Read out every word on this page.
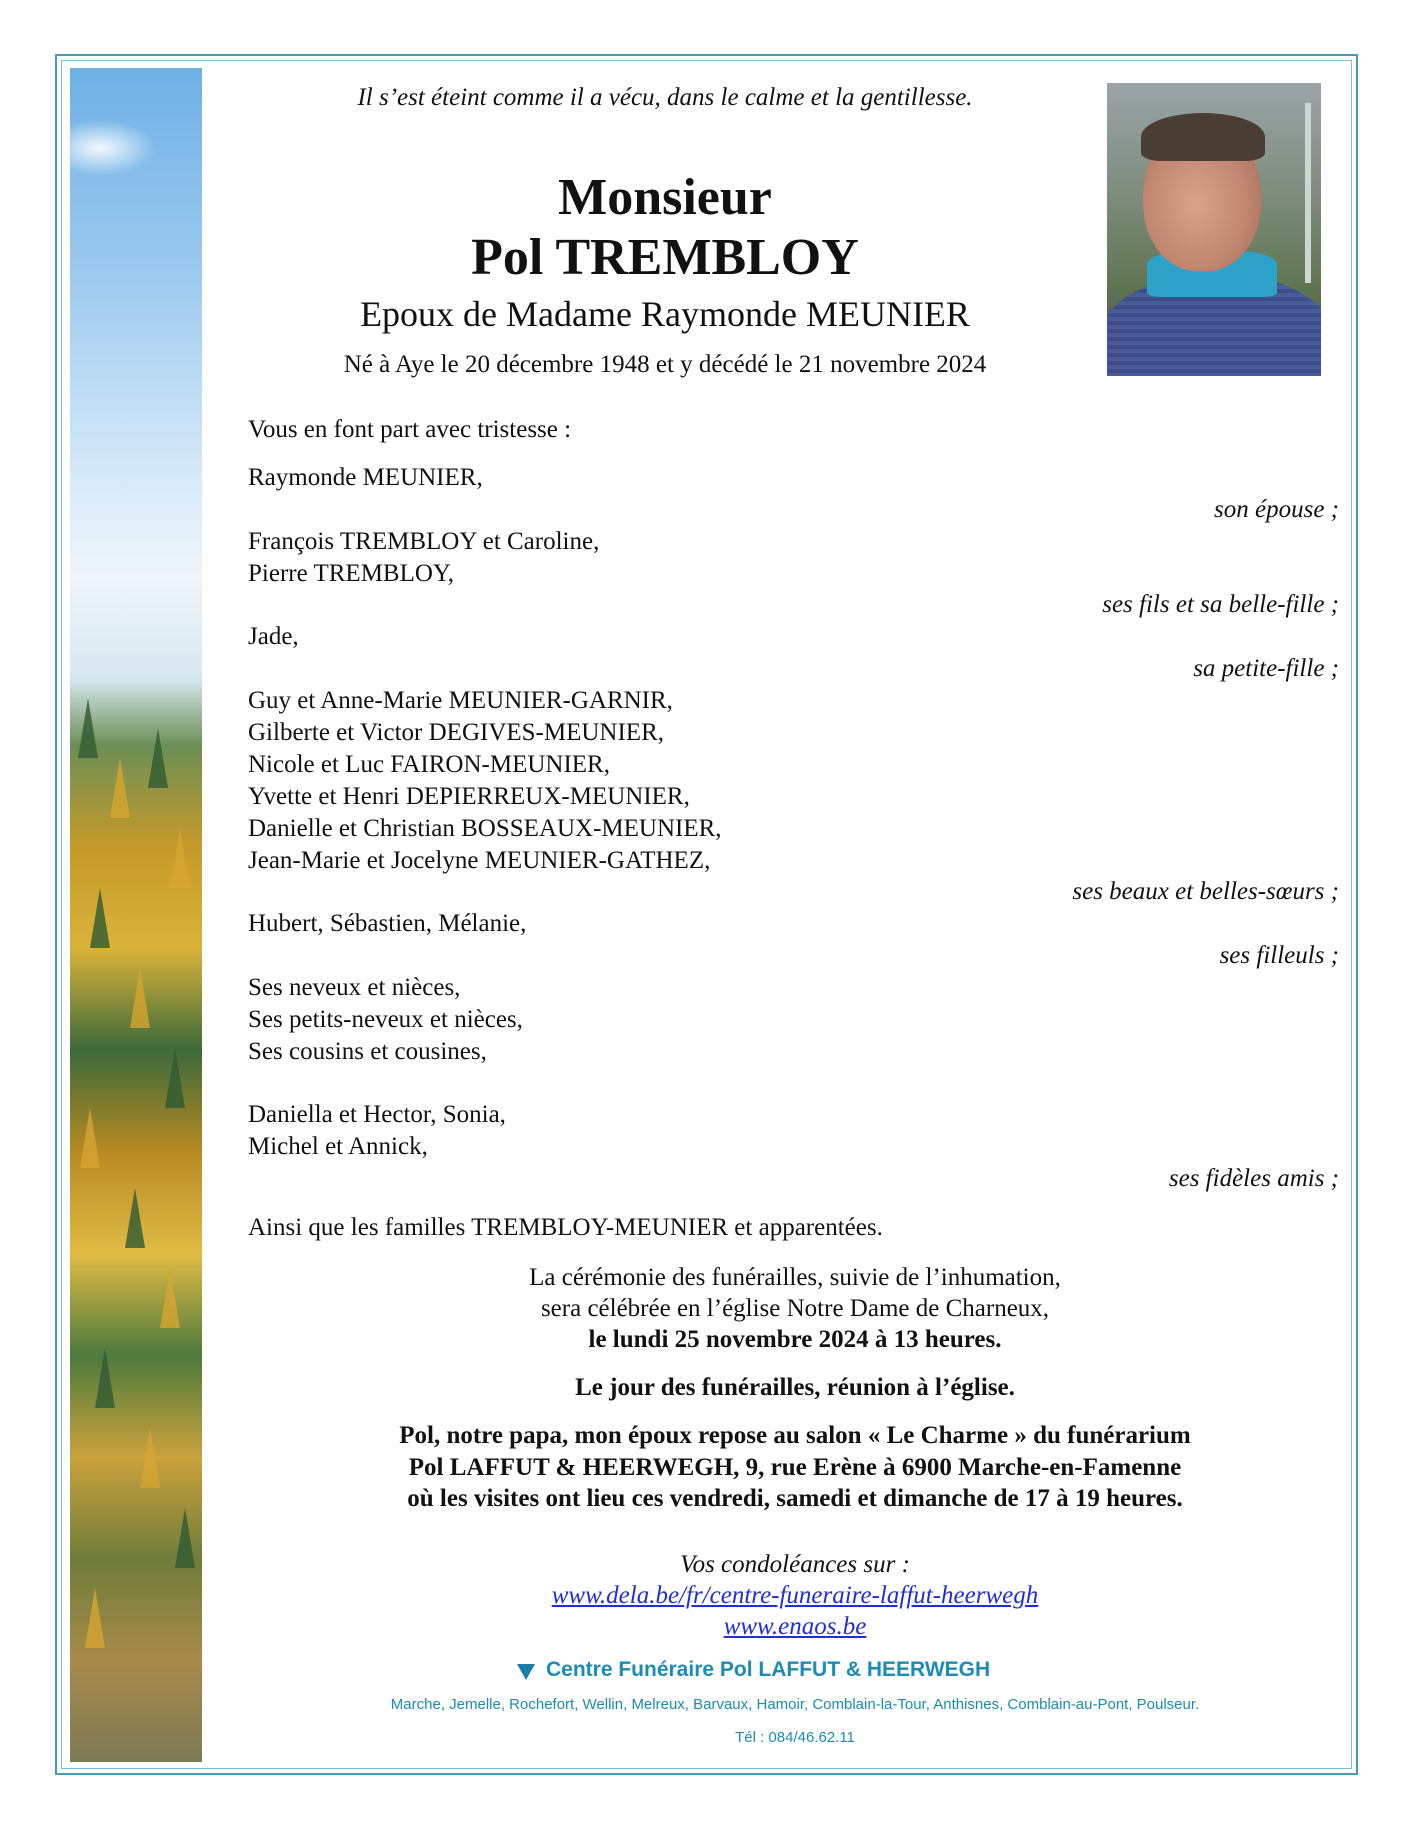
Il s’est éteint comme il a vécu, dans le calme et la gentillesse.
Monsieur
Pol TREMBLOY
Epoux de Madame Raymonde MEUNIER
Né à Aye le 20 décembre 1948 et y décédé le 21 novembre 2024
Vous en font part avec tristesse :
Raymonde MEUNIER,
son épouse ;
François TREMBLOY et Caroline,
Pierre TREMBLOY,
ses fils et sa belle-fille ;
Jade,
sa petite-fille ;
Guy et Anne-Marie MEUNIER-GARNIR,
Gilberte et Victor DEGIVES-MEUNIER,
Nicole et Luc FAIRON-MEUNIER,
Yvette et Henri DEPIERREUX-MEUNIER,
Danielle et Christian BOSSEAUX-MEUNIER,
Jean-Marie et Jocelyne MEUNIER-GATHEZ,
ses beaux et belles-sœurs ;
Hubert, Sébastien, Mélanie,
ses filleuls ;
Ses neveux et nièces,
Ses petits-neveux et nièces,
Ses cousins et cousines,
Daniella et Hector, Sonia,
Michel et Annick,
ses fidèles amis ;
Ainsi que les familles TREMBLOY-MEUNIER et apparentées.
La cérémonie des funérailles, suivie de l’inhumation,
sera célébrée en l’église Notre Dame de Charneux,
le lundi 25 novembre 2024 à 13 heures.
Le jour des funérailles, réunion à l’église.
Pol, notre papa, mon époux repose au salon « Le Charme » du funérarium
Pol LAFFUT & HEERWEGH, 9, rue Erène à 6900 Marche-en-Famenne
où les visites ont lieu ces vendredi, samedi et dimanche de 17 à 19 heures.
Vos condoléances sur :
www.dela.be/fr/centre-funeraire-laffut-heerwegh
www.enaos.be
Centre Funéraire Pol LAFFUT & HEERWEGH
Marche, Jemelle, Rochefort, Wellin, Melreux, Barvaux, Hamoir, Comblain-la-Tour, Anthisnes, Comblain-au-Pont, Poulseur.
Tél : 084/46.62.11
